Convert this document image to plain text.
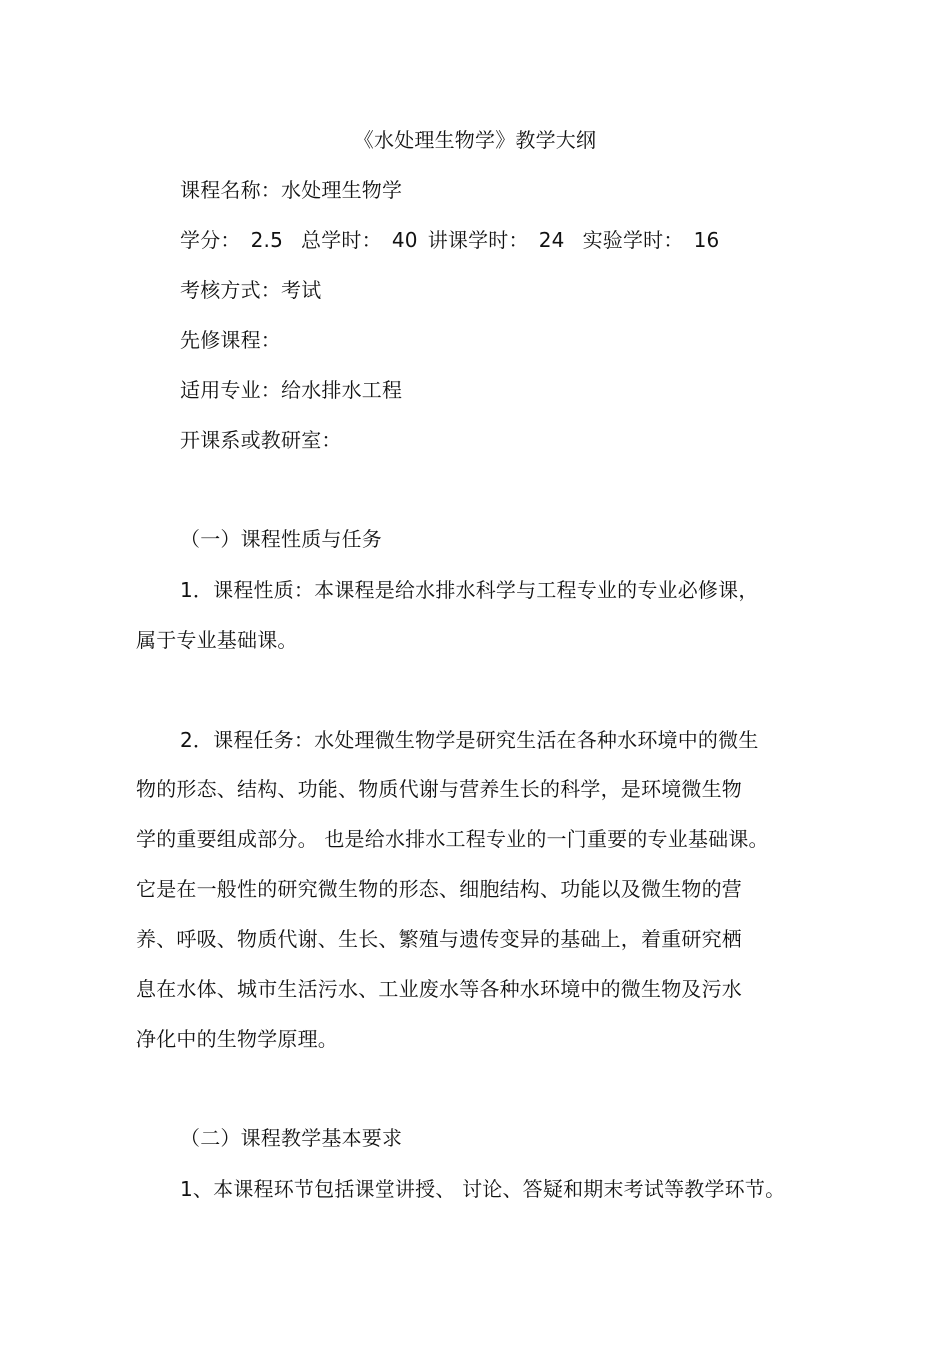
《水处理生物学》教学大纲
课程名称：水处理生物学
学分： 2.5 总学时： 40 讲课学时： 24 实验学时： 16
考核方式：考试
先修课程：
适用专业：给水排水工程
开课系或教研室：
（一）课程性质与任务
1．课程性质：本课程是给水排水科学与工程专业的专业必修课，
属于专业基础课。
2．课程任务：水处理微生物学是研究生活在各种水环境中的微生
物的形态、结构、功能、物质代谢与营养生长的科学，是环境微生物
学的重要组成部分。 也是给水排水工程专业的一门重要的专业基础课。
它是在一般性的研究微生物的形态、细胞结构、功能以及微生物的营
养、呼吸、物质代谢、生长、繁殖与遗传变异的基础上，着重研究栖
息在水体、城市生活污水、工业废水等各种水环境中的微生物及污水
净化中的生物学原理。
（二）课程教学基本要求
1、本课程环节包括课堂讲授、 讨论、答疑和期末考试等教学环节。
